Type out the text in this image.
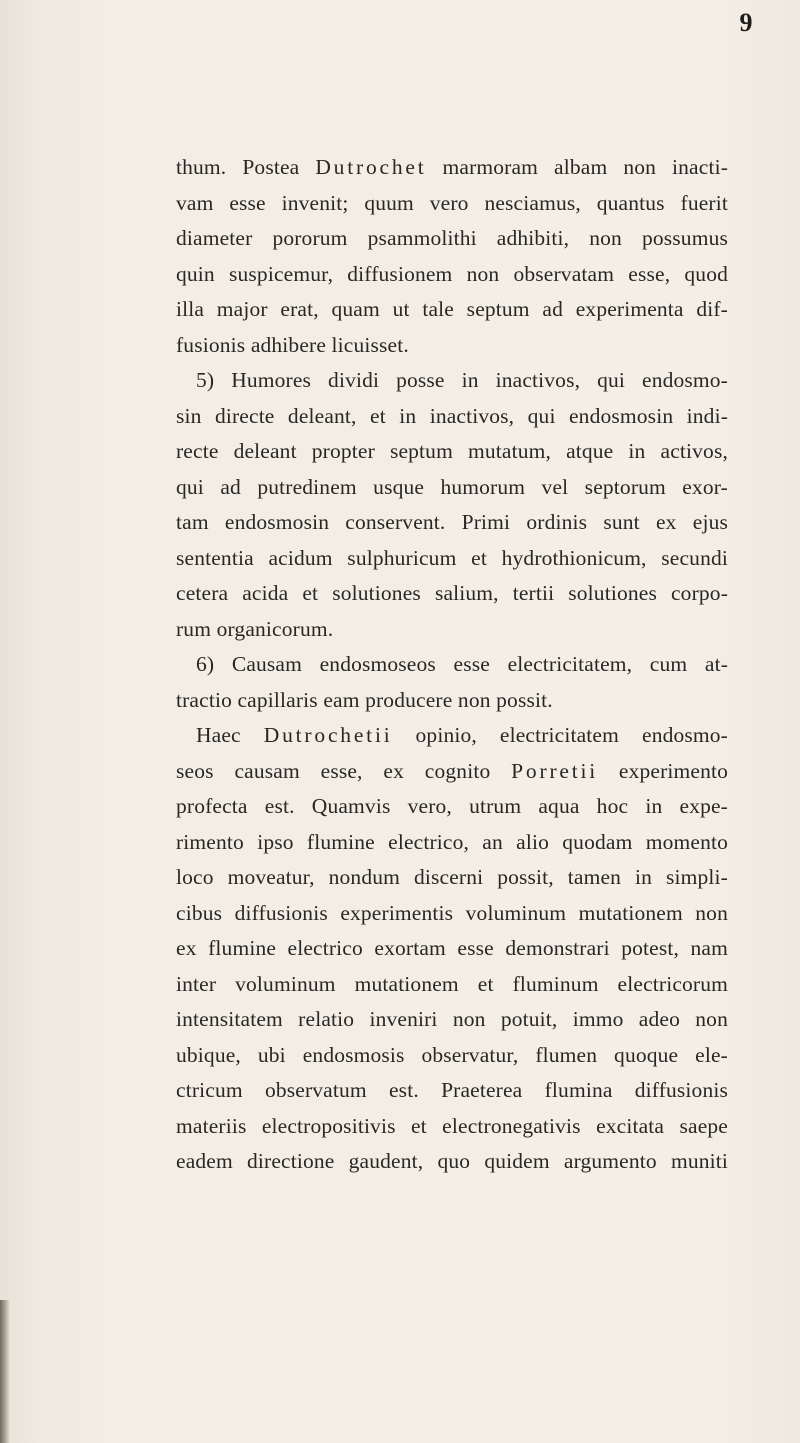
9
thum. Postea Dutrochet marmoram albam non inacti-
vam esse invenit; quum vero nesciamus, quantus fuerit
diameter pororum psammolithi adhibiti, non possumus
quin suspicemur, diffusionem non observatam esse, quod
illa major erat, quam ut tale septum ad experimenta dif-
fusionis adhibere licuisset.
5) Humores dividi posse in inactivos, qui endosmo-
sin directe deleant, et in inactivos, qui endosmosin indi-
recte deleant propter septum mutatum, atque in activos,
qui ad putredinem usque humorum vel septorum exor-
tam endosmosin conservent. Primi ordinis sunt ex ejus
sententia acidum sulphuricum et hydrothionicum, secundi
cetera acida et solutiones salium, tertii solutiones corpo-
rum organicorum.
6) Causam endosmoseos esse electricitatem, cum at-
tractio capillaris eam producere non possit.
Haec Dutrochetii opinio, electricitatem endosmo-
seos causam esse, ex cognito Porretii experimento
profecta est. Quamvis vero, utrum aqua hoc in expe-
rimento ipso flumine electrico, an alio quodam momento
loco moveatur, nondum discerni possit, tamen in simpli-
cibus diffusionis experimentis voluminum mutationem non
ex flumine electrico exortam esse demonstrari potest, nam
inter voluminum mutationem et fluminum electricorum
intensitatem relatio inveniri non potuit, immo adeo non
ubique, ubi endosmosis observatur, flumen quoque ele-
ctricum observatum est. Praeterea flumina diffusionis
materiis electropositivis et electronegativis excitata saepe
eadem directione gaudent, quo quidem argumento muniti
